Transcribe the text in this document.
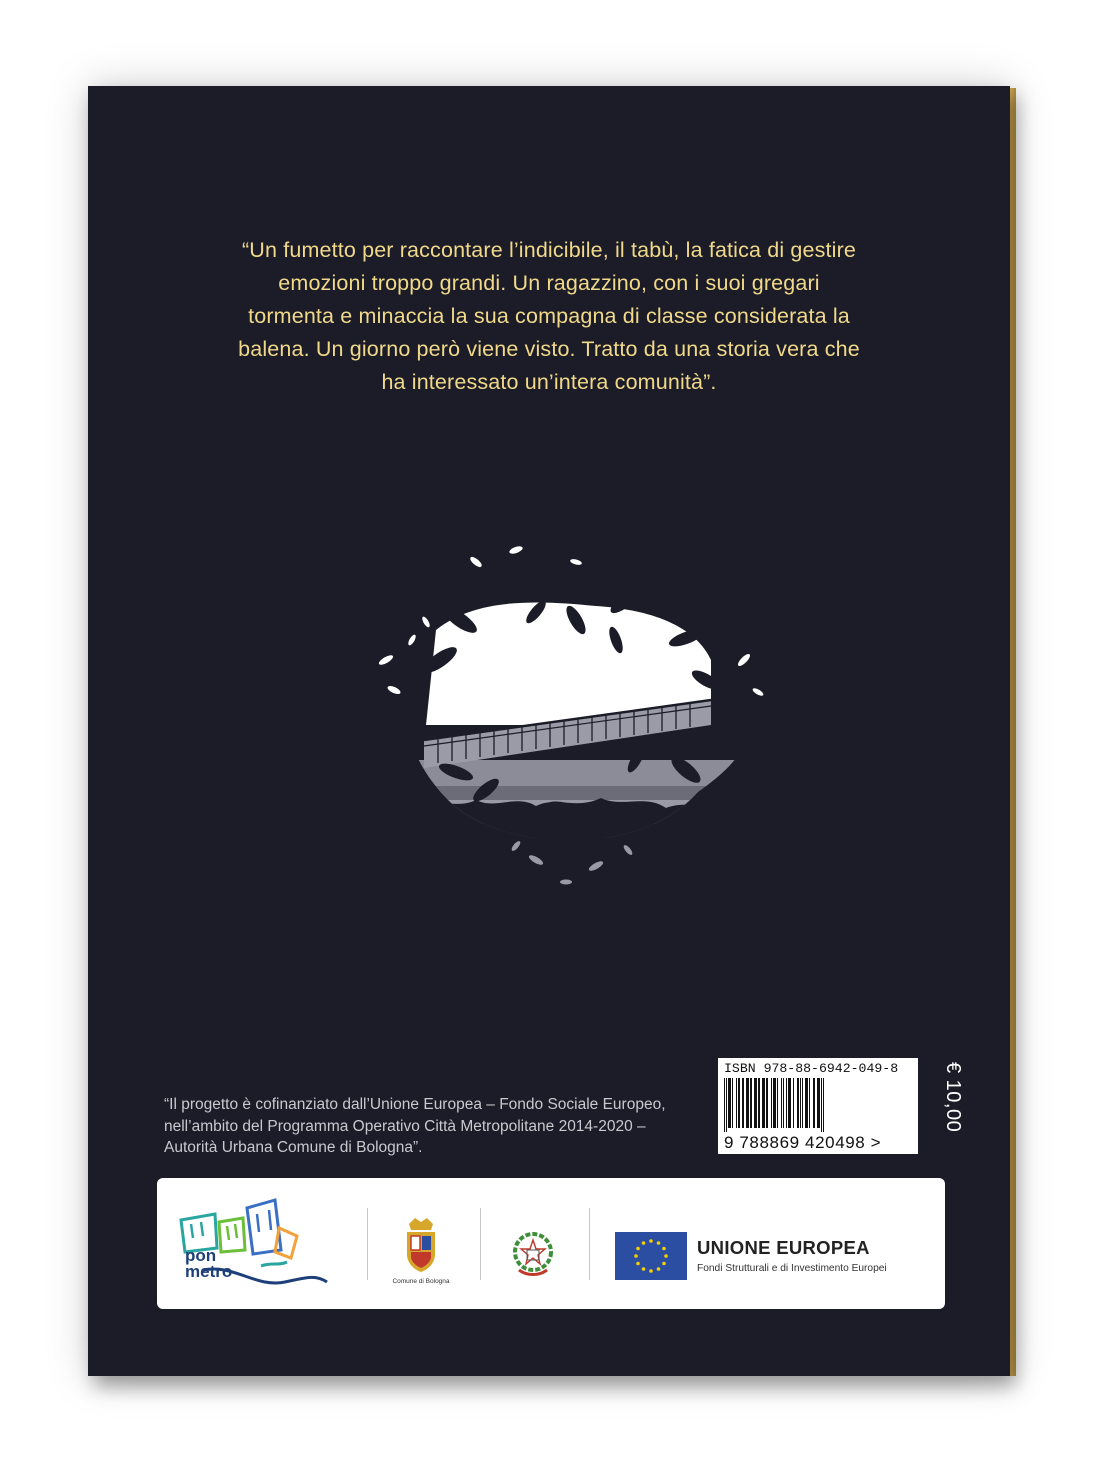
“Un fumetto per raccontare l’indicibile, il tabù, la fatica di gestire emozioni troppo grandi. Un ragazzino, con i suoi gregari tormenta e minaccia la sua compagna di classe considerata la balena. Un giorno però viene visto. Tratto da una storia vera che ha interessato un’intera comunità”.

“Il progetto è cofinanziato dall’Unione Europea – Fondo Sociale Europeo, nell’ambito del Programma Operativo Città Metropolitane 2014-2020 – Autorità Urbana Comune di Bologna”.

ISBN 978-88-6942-049-8
9 788869 420498 >
€ 10,00
pon
metro
Comune di Bologna
UNIONE EUROPEA
Fondi Strutturali e di Investimento Europei
